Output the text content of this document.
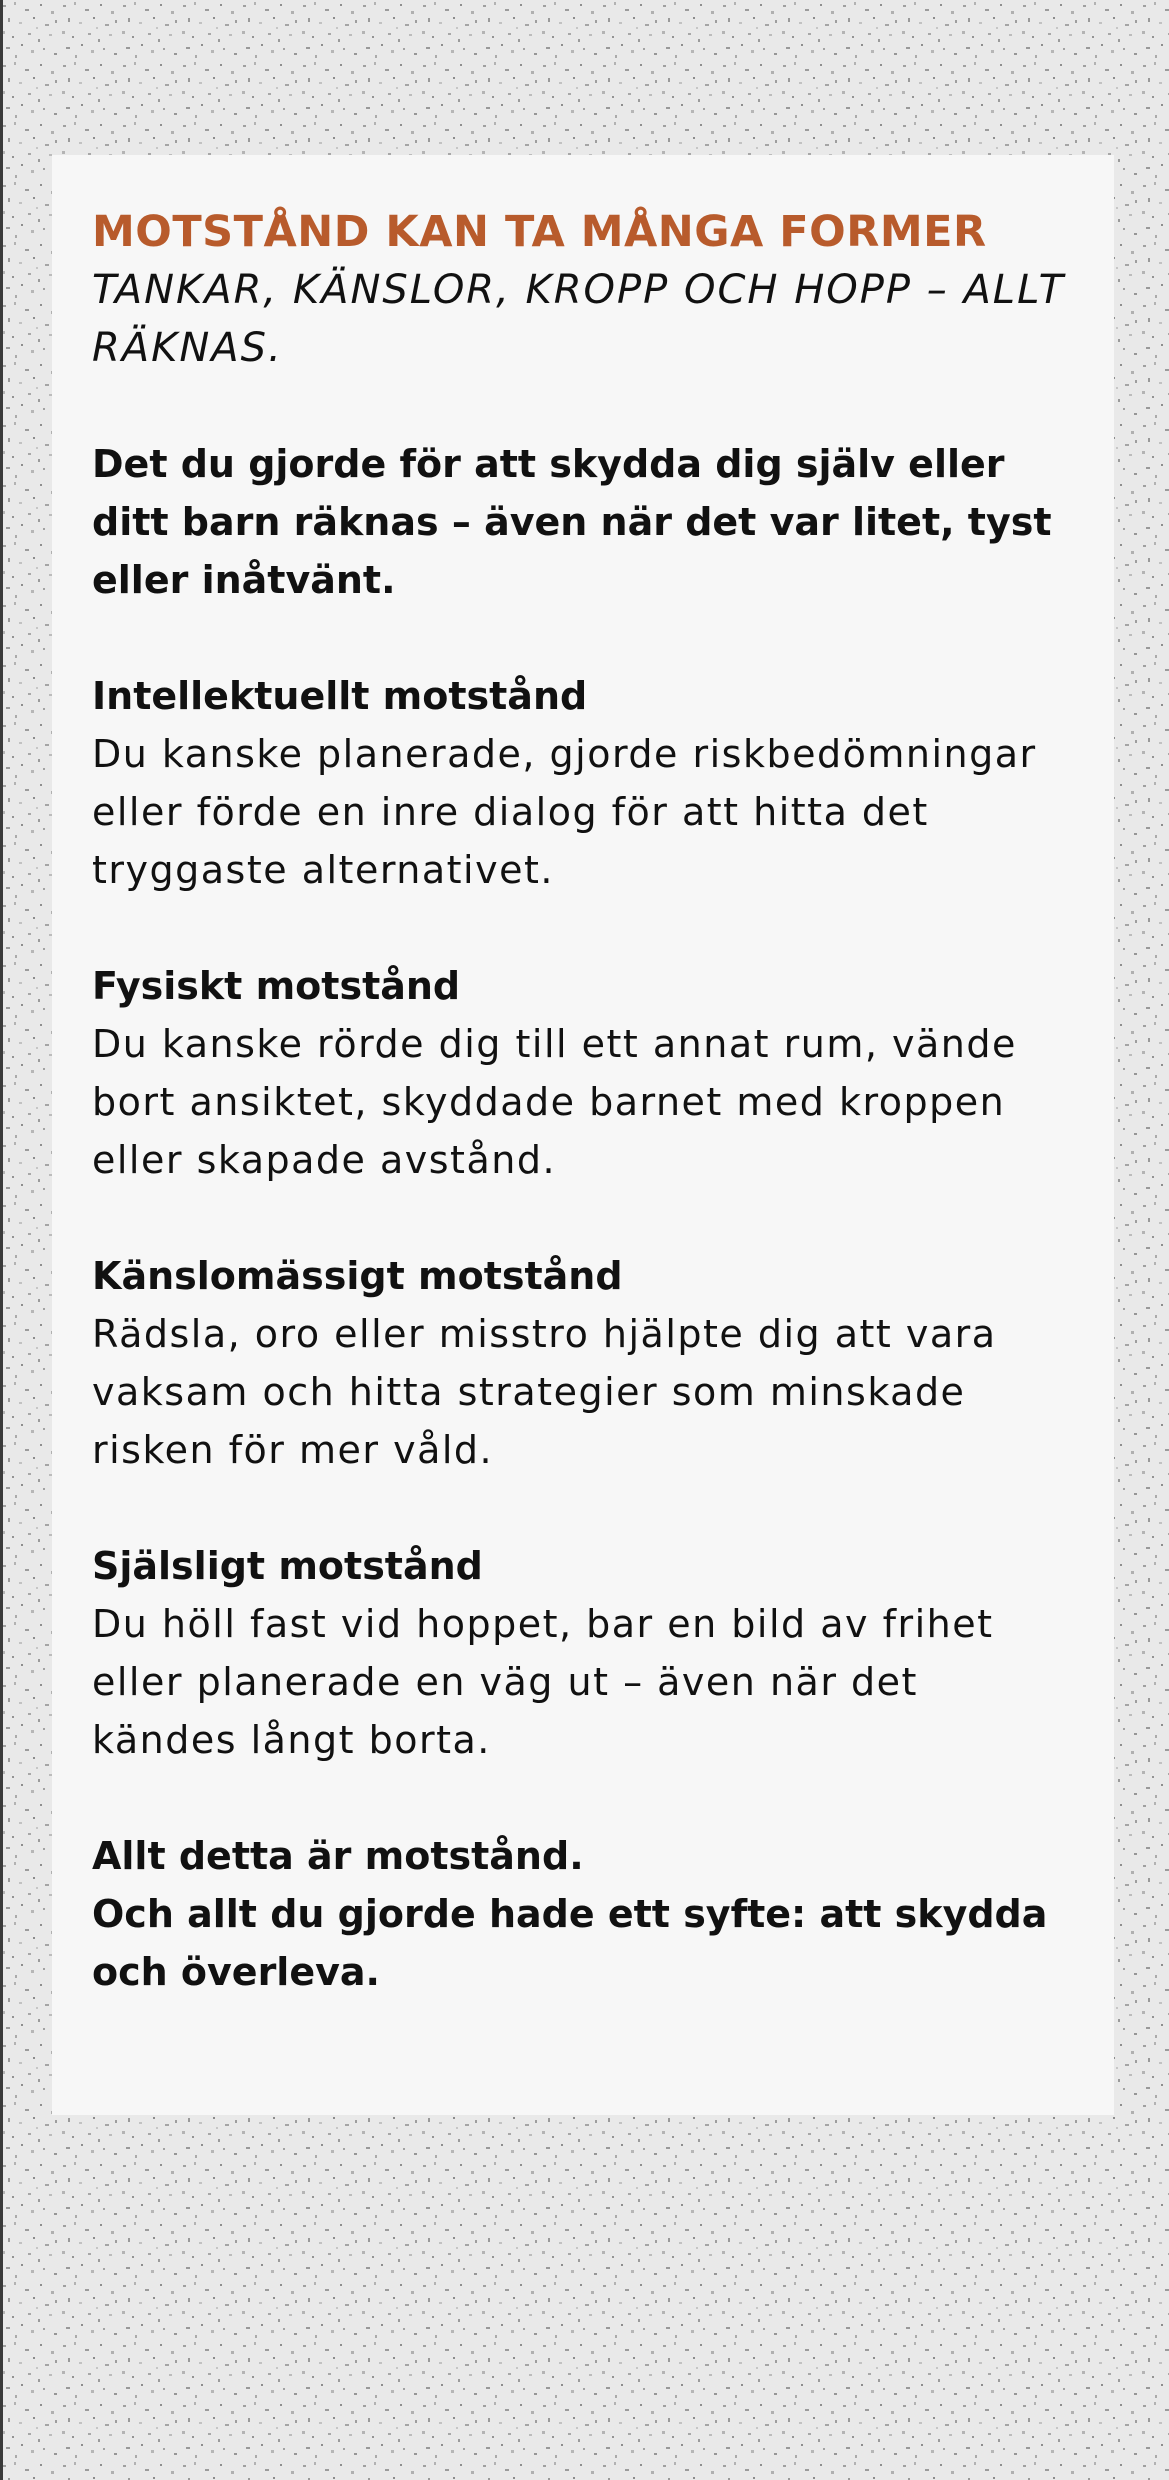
MOTSTÅND KAN TA MÅNGA FORMER

TANKAR, KÄNSLOR, KROPP OCH HOPP – ALLT RÄKNAS.

Det du gjorde för att skydda dig själv eller ditt barn räknas – även när det var litet, tyst eller inåtvänt.

Intellektuellt motstånd

Du kanske planerade, gjorde riskbedömningar eller förde en inre dialog för att hitta det tryggaste alternativet.

Fysiskt motstånd

Du kanske rörde dig till ett annat rum, vände bort ansiktet, skyddade barnet med kroppen eller skapade avstånd.

Känslomässigt motstånd

Rädsla, oro eller misstro hjälpte dig att vara vaksam och hitta strategier som minskade risken för mer våld.

Själsligt motstånd

Du höll fast vid hoppet, bar en bild av frihet eller planerade en väg ut – även när det kändes långt borta.

Allt detta är motstånd.
Och allt du gjorde hade ett syfte: att skydda och överleva.
